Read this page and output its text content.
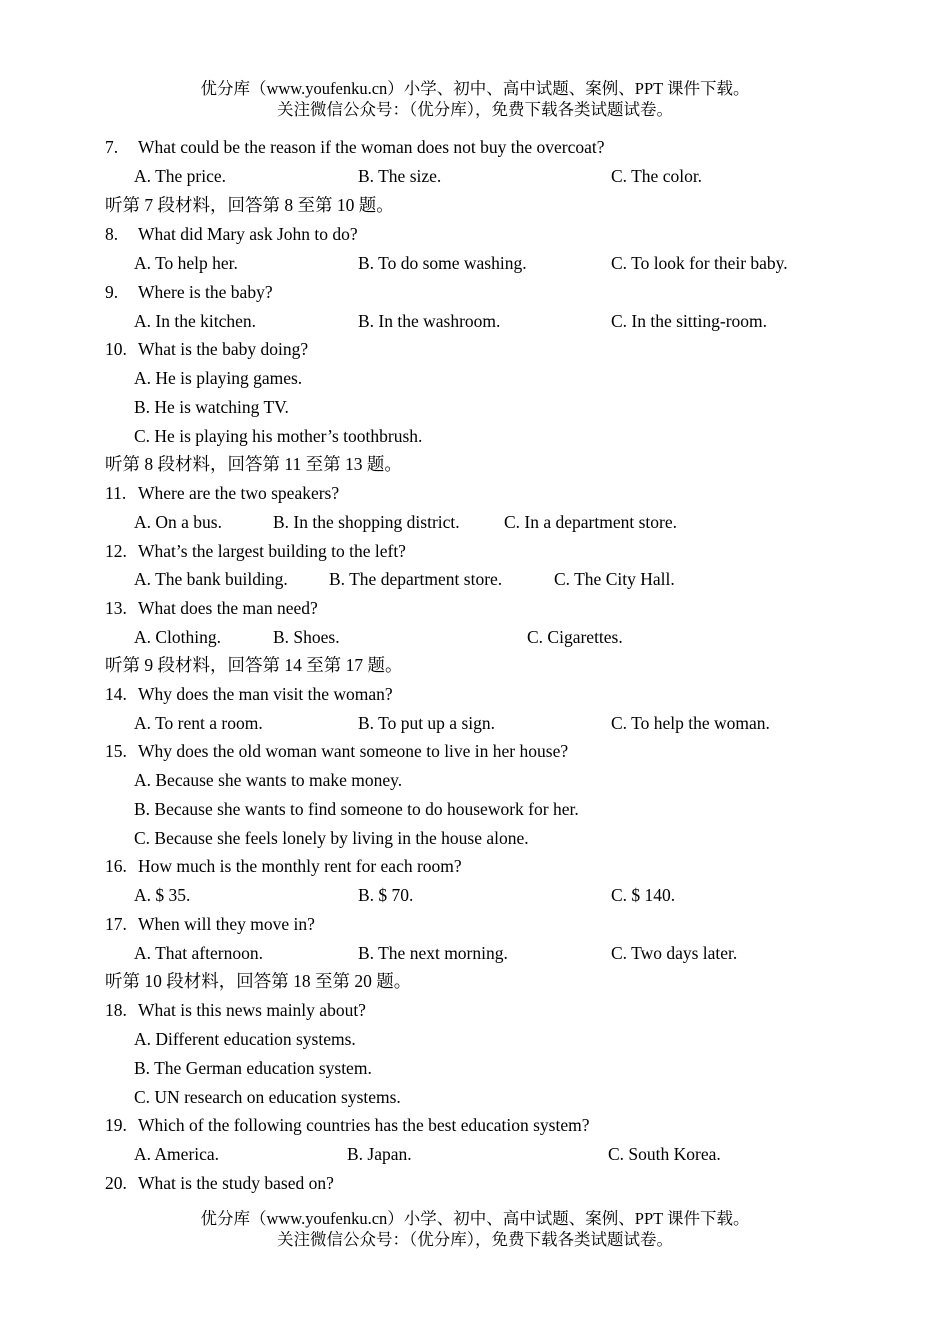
优分库（www.youfenku.cn）小学、初中、高中试题、案例、PPT 课件下载。
关注微信公众号：（优分库），免费下载各类试题试卷。
7. What could be the reason if the woman does not buy the overcoat?
A. The price.	B. The size.	C. The color.
听第 7 段材料，回答第 8 至第 10 题。
8. What did Mary ask John to do?
A. To help her.	B. To do some washing.	C. To look for their baby.
9. Where is the baby?
A. In the kitchen.	B. In the washroom.	C. In the sitting-room.
10. What is the baby doing?
A. He is playing games.
B. He is watching TV.
C. He is playing his mother’s toothbrush.
听第 8 段材料，回答第 11 至第 13 题。
11. Where are the two speakers?
A. On a bus.	B. In the shopping district.	C. In a department store.
12. What’s the largest building to the left?
A. The bank building. B. The department store.	C. The City Hall.
13. What does the man need?
A. Clothing.	B. Shoes.	C. Cigarettes.
听第 9 段材料，回答第 14 至第 17 题。
14. Why does the man visit the woman?
A. To rent a room.	B. To put up a sign.	C. To help the woman.
15. Why does the old woman want someone to live in her house?
A. Because she wants to make money.
B. Because she wants to find someone to do housework for her.
C. Because she feels lonely by living in the house alone.
16. How much is the monthly rent for each room?
A. $ 35.	B. $ 70.	C. $ 140.
17. When will they move in?
A. That afternoon.	B. The next morning.	C. Two days later.
听第 10 段材料，回答第 18 至第 20 题。
18. What is this news mainly about?
A. Different education systems.
B. The German education system.
C. UN research on education systems.
19. Which of the following countries has the best education system?
A. America.	B. Japan.	C. South Korea.
20. What is the study based on?
优分库（www.youfenku.cn）小学、初中、高中试题、案例、PPT 课件下载。
关注微信公众号：（优分库），免费下载各类试题试卷。
